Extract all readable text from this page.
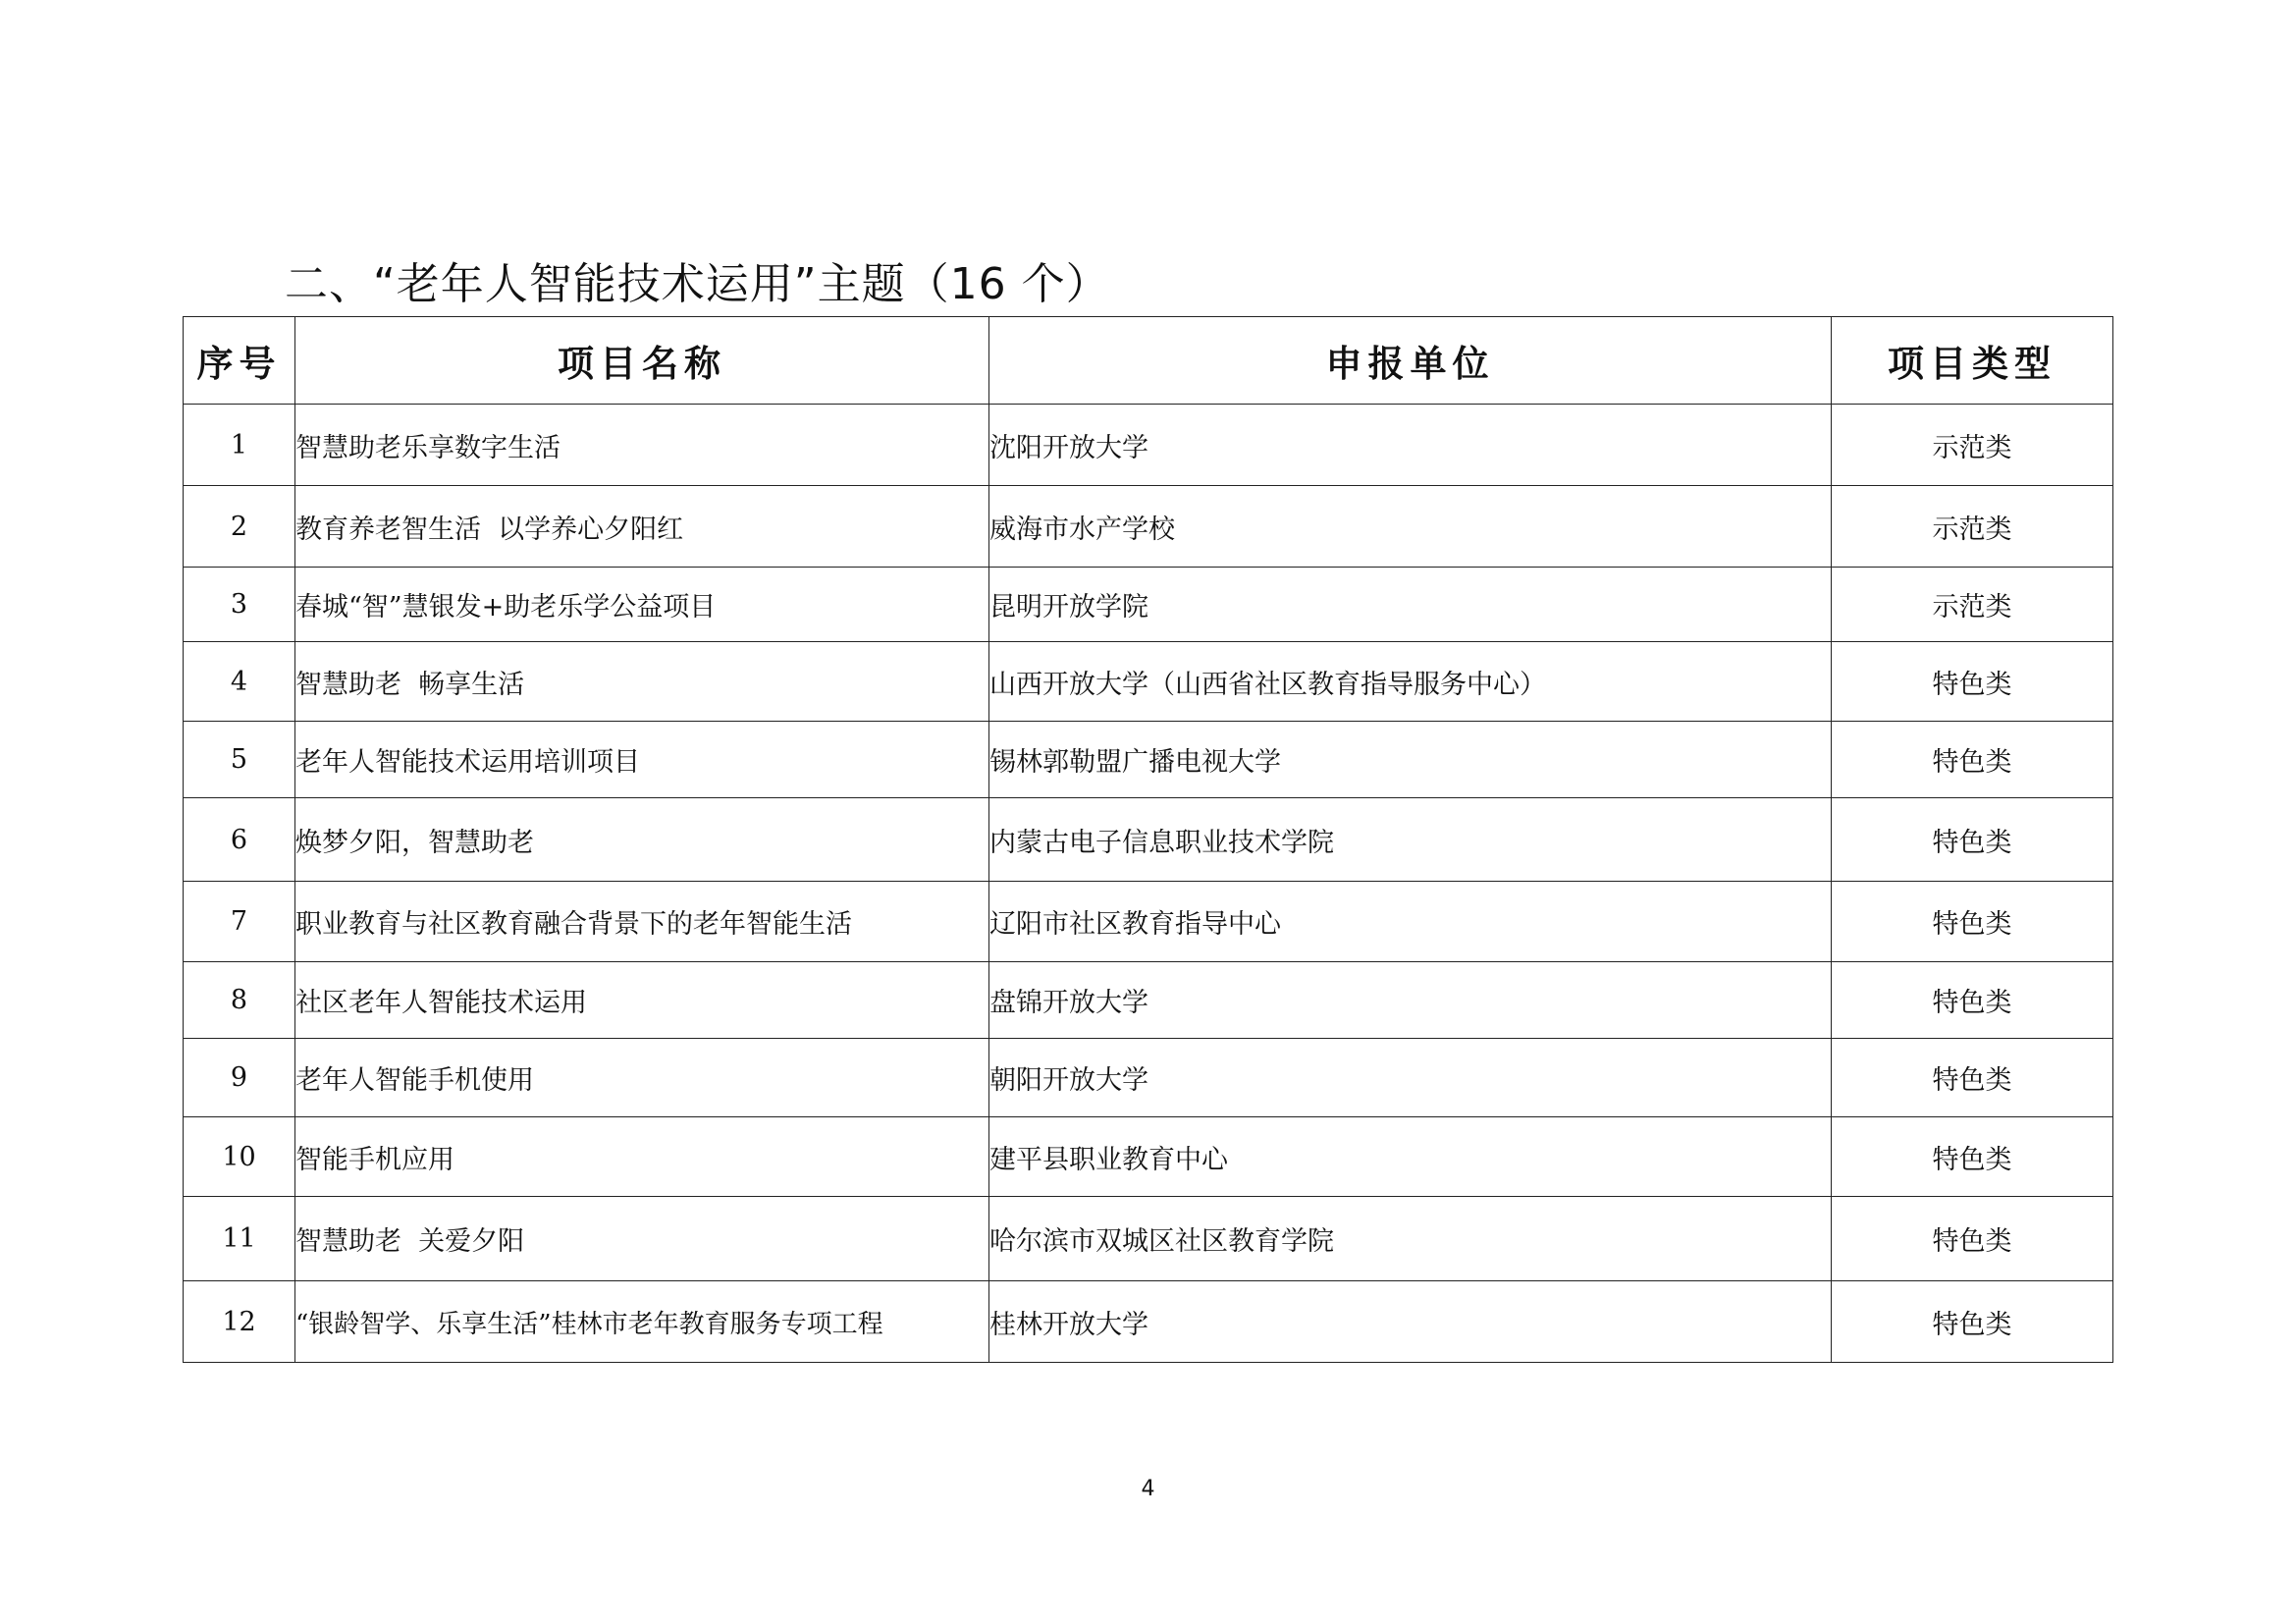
二、“老年人智能技术运用”主题（16 个）
序号	项目名称	申报单位	项目类型
1	智慧助老乐享数字生活	沈阳开放大学	示范类
2	教育养老智生活  以学养心夕阳红	威海市水产学校	示范类
3	春城“智”慧银发+助老乐学公益项目	昆明开放学院	示范类
4	智慧助老  畅享生活	山西开放大学（山西省社区教育指导服务中心）	特色类
5	老年人智能技术运用培训项目	锡林郭勒盟广播电视大学	特色类
6	焕梦夕阳，智慧助老	内蒙古电子信息职业技术学院	特色类
7	职业教育与社区教育融合背景下的老年智能生活	辽阳市社区教育指导中心	特色类
8	社区老年人智能技术运用	盘锦开放大学	特色类
9	老年人智能手机使用	朝阳开放大学	特色类
10	智能手机应用	建平县职业教育中心	特色类
11	智慧助老  关爱夕阳	哈尔滨市双城区社区教育学院	特色类
12	“银龄智学、乐享生活”桂林市老年教育服务专项工程	桂林开放大学	特色类
4
